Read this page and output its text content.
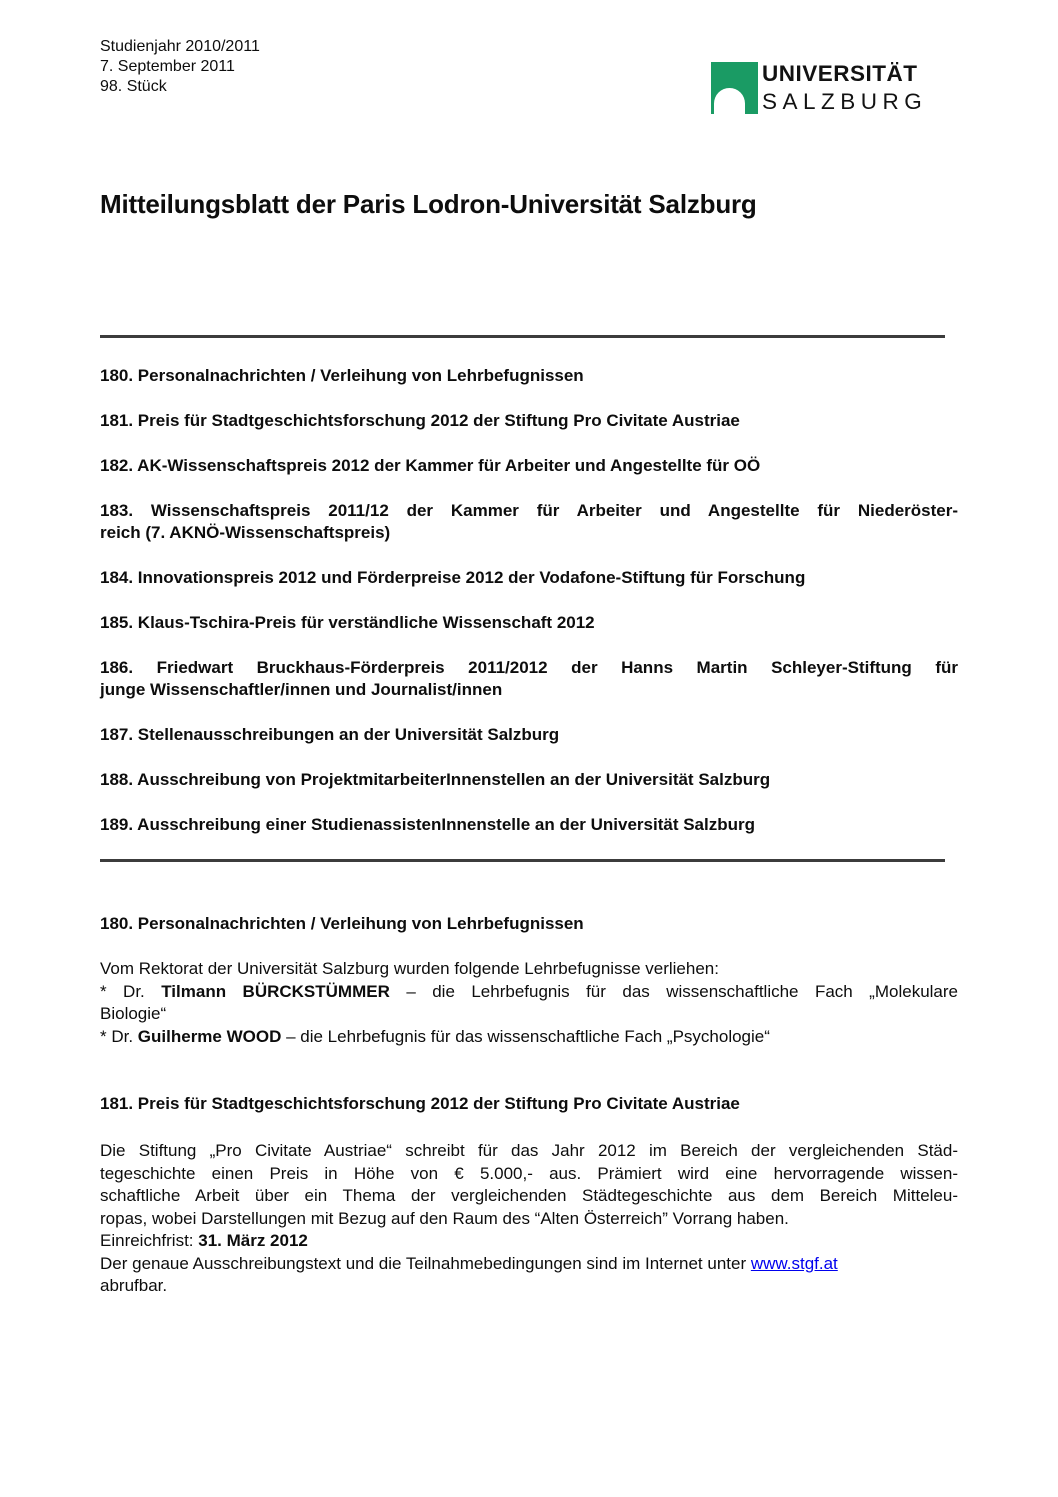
UNIVERSITÄT
SALZBURG
Studienjahr 2010/2011
7. September 2011
98. Stück
Mitteilungsblatt der Paris Lodron-Universität Salzburg
180. Personalnachrichten / Verleihung von Lehrbefugnissen
181. Preis für Stadtgeschichtsforschung 2012 der Stiftung Pro Civitate Austriae
182. AK-Wissenschaftspreis 2012 der Kammer für Arbeiter und Angestellte für OÖ
183. Wissenschaftspreis 2011/12 der Kammer für Arbeiter und Angestellte für Niederöster-
reich (7. AKNÖ-Wissenschaftspreis)
184. Innovationspreis 2012 und Förderpreise 2012 der Vodafone-Stiftung für Forschung
185. Klaus-Tschira-Preis für verständliche Wissenschaft 2012
186. Friedwart Bruckhaus-Förderpreis 2011/2012 der Hanns Martin Schleyer-Stiftung für
junge Wissenschaftler/innen und Journalist/innen
187. Stellenausschreibungen an der Universität Salzburg
188. Ausschreibung von ProjektmitarbeiterInnenstellen an der Universität Salzburg
189. Ausschreibung einer StudienassistenInnenstelle an der Universität Salzburg
180. Personalnachrichten / Verleihung von Lehrbefugnissen

Vom Rektorat der Universität Salzburg wurden folgende Lehrbefugnisse verliehen:

* Dr. Tilmann BÜRCKSTÜMMER – die Lehrbefugnis für das wissenschaftliche Fach „Molekulare
Biologie“
* Dr. Guilherme WOOD – die Lehrbefugnis für das wissenschaftliche Fach „Psychologie“
181. Preis für Stadtgeschichtsforschung 2012 der Stiftung Pro Civitate Austriae
Die Stiftung „Pro Civitate Austriae“ schreibt für das Jahr 2012 im Bereich der vergleichenden Städ-
tegeschichte einen Preis in Höhe von € 5.000,- aus. Prämiert wird eine hervorragende wissen-
schaftliche Arbeit über ein Thema der vergleichenden Städtegeschichte aus dem Bereich Mitteleu-
ropas, wobei Darstellungen mit Bezug auf den Raum des “Alten Österreich” Vorrang haben.
Einreichfrist: 31. März 2012
Der genaue Ausschreibungstext und die Teilnahmebedingungen sind im Internet unter www.stgf.at
abrufbar.
